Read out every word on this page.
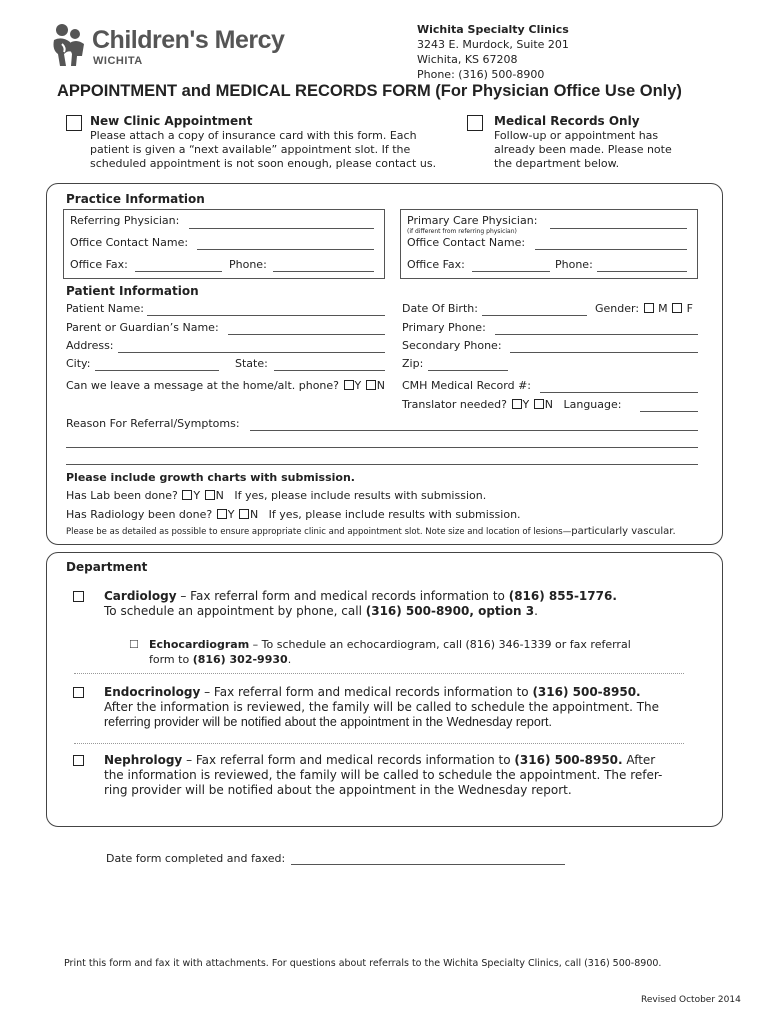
Children's Mercy
WICHITA
Wichita Specialty Clinics
3243 E. Murdock, Suite 201
Wichita, KS 67208
Phone: (316) 500-8900
APPOINTMENT and MEDICAL RECORDS FORM (For Physician Office Use Only)
New Clinic Appointment
Please attach a copy of insurance card with this form. Each
patient is given a “next available” appointment slot. If the
scheduled appointment is not soon enough, please contact us.
Medical Records Only
Follow-up or appointment has
already been made. Please note
the department below.
Practice Information
Referring Physician:
Office Contact Name:
Office Fax:	Phone:
Primary Care Physician:
(if different from referring physician)
Office Contact Name:
Office Fax:	Phone:
Patient Information
Patient Name:
Parent or Guardian’s Name:
Address:
City:	State:
Can we leave a message at the home/alt. phone? Y N
Date Of Birth:	Gender: M F
Primary Phone:
Secondary Phone:
Zip:
CMH Medical Record #:
Translator needed? Y N Language:
Reason For Referral/Symptoms:
Please include growth charts with submission.
Has Lab been done? Y N If yes, please include results with submission.
Has Radiology been done? Y N If yes, please include results with submission.
Please be as detailed as possible to ensure appropriate clinic and appointment slot. Note size and location of lesions—particularly vascular.
Department
Cardiology – Fax referral form and medical records information to (816) 855-1776.
To schedule an appointment by phone, call (316) 500-8900, option 3.
☐ Echocardiogram – To schedule an echocardiogram, call (816) 346-1339 or fax referral
form to (816) 302-9930.
Endocrinology – Fax referral form and medical records information to (316) 500-8950.
After the information is reviewed, the family will be called to schedule the appointment. The
referring provider will be notified about the appointment in the Wednesday report.
Nephrology – Fax referral form and medical records information to (316) 500-8950. After
the information is reviewed, the family will be called to schedule the appointment. The refer-
ring provider will be notified about the appointment in the Wednesday report.
Date form completed and faxed:
Print this form and fax it with attachments. For questions about referrals to the Wichita Specialty Clinics, call (316) 500-8900.
Revised October 2014
